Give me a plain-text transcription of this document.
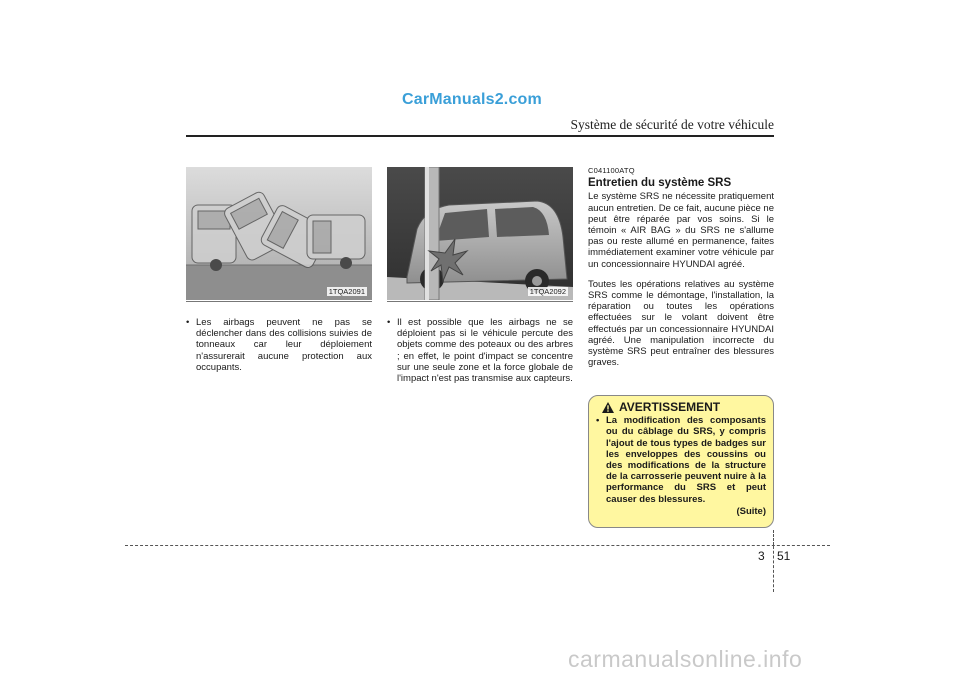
CarManuals2.com
Système de sécurité de votre véhicule
1TQA2091	1TQA2092
• Les airbags peuvent ne pas se déclencher dans des collisions suivies de tonneaux car leur déploiement n'assurerait aucune protection aux occupants.
• Il est possible que les airbags ne se déploient pas si le véhicule percute des objets comme des poteaux ou des arbres ; en effet, le point d'impact se concentre sur une seule zone et la force globale de l'impact n'est pas transmise aux capteurs.
C041100ATQ
Entretien du système SRS

Le système SRS ne nécessite pratiquement aucun entretien. De ce fait, aucune pièce ne peut être réparée par vos soins. Si le témoin « AIR BAG » du SRS ne s'allume pas ou reste allumé en permanence, faites immédiatement examiner votre véhicule par un concessionnaire HYUNDAI agréé.

Toutes les opérations relatives au système SRS comme le démontage, l'installation, la réparation ou toutes les opérations effectuées sur le volant doivent être effectués par un concessionnaire HYUNDAI agréé. Une manipulation incorrecte du système SRS peut entraîner des blessures graves.

AVERTISSEMENT
• La modification des composants ou du câblage du SRS, y compris l'ajout de tous types de badges sur les enveloppes des coussins ou des modifications de la structure de la carrosserie peuvent nuire à la performance du SRS et peut causer des blessures.
(Suite)
3 51
carmanualsonline.info
